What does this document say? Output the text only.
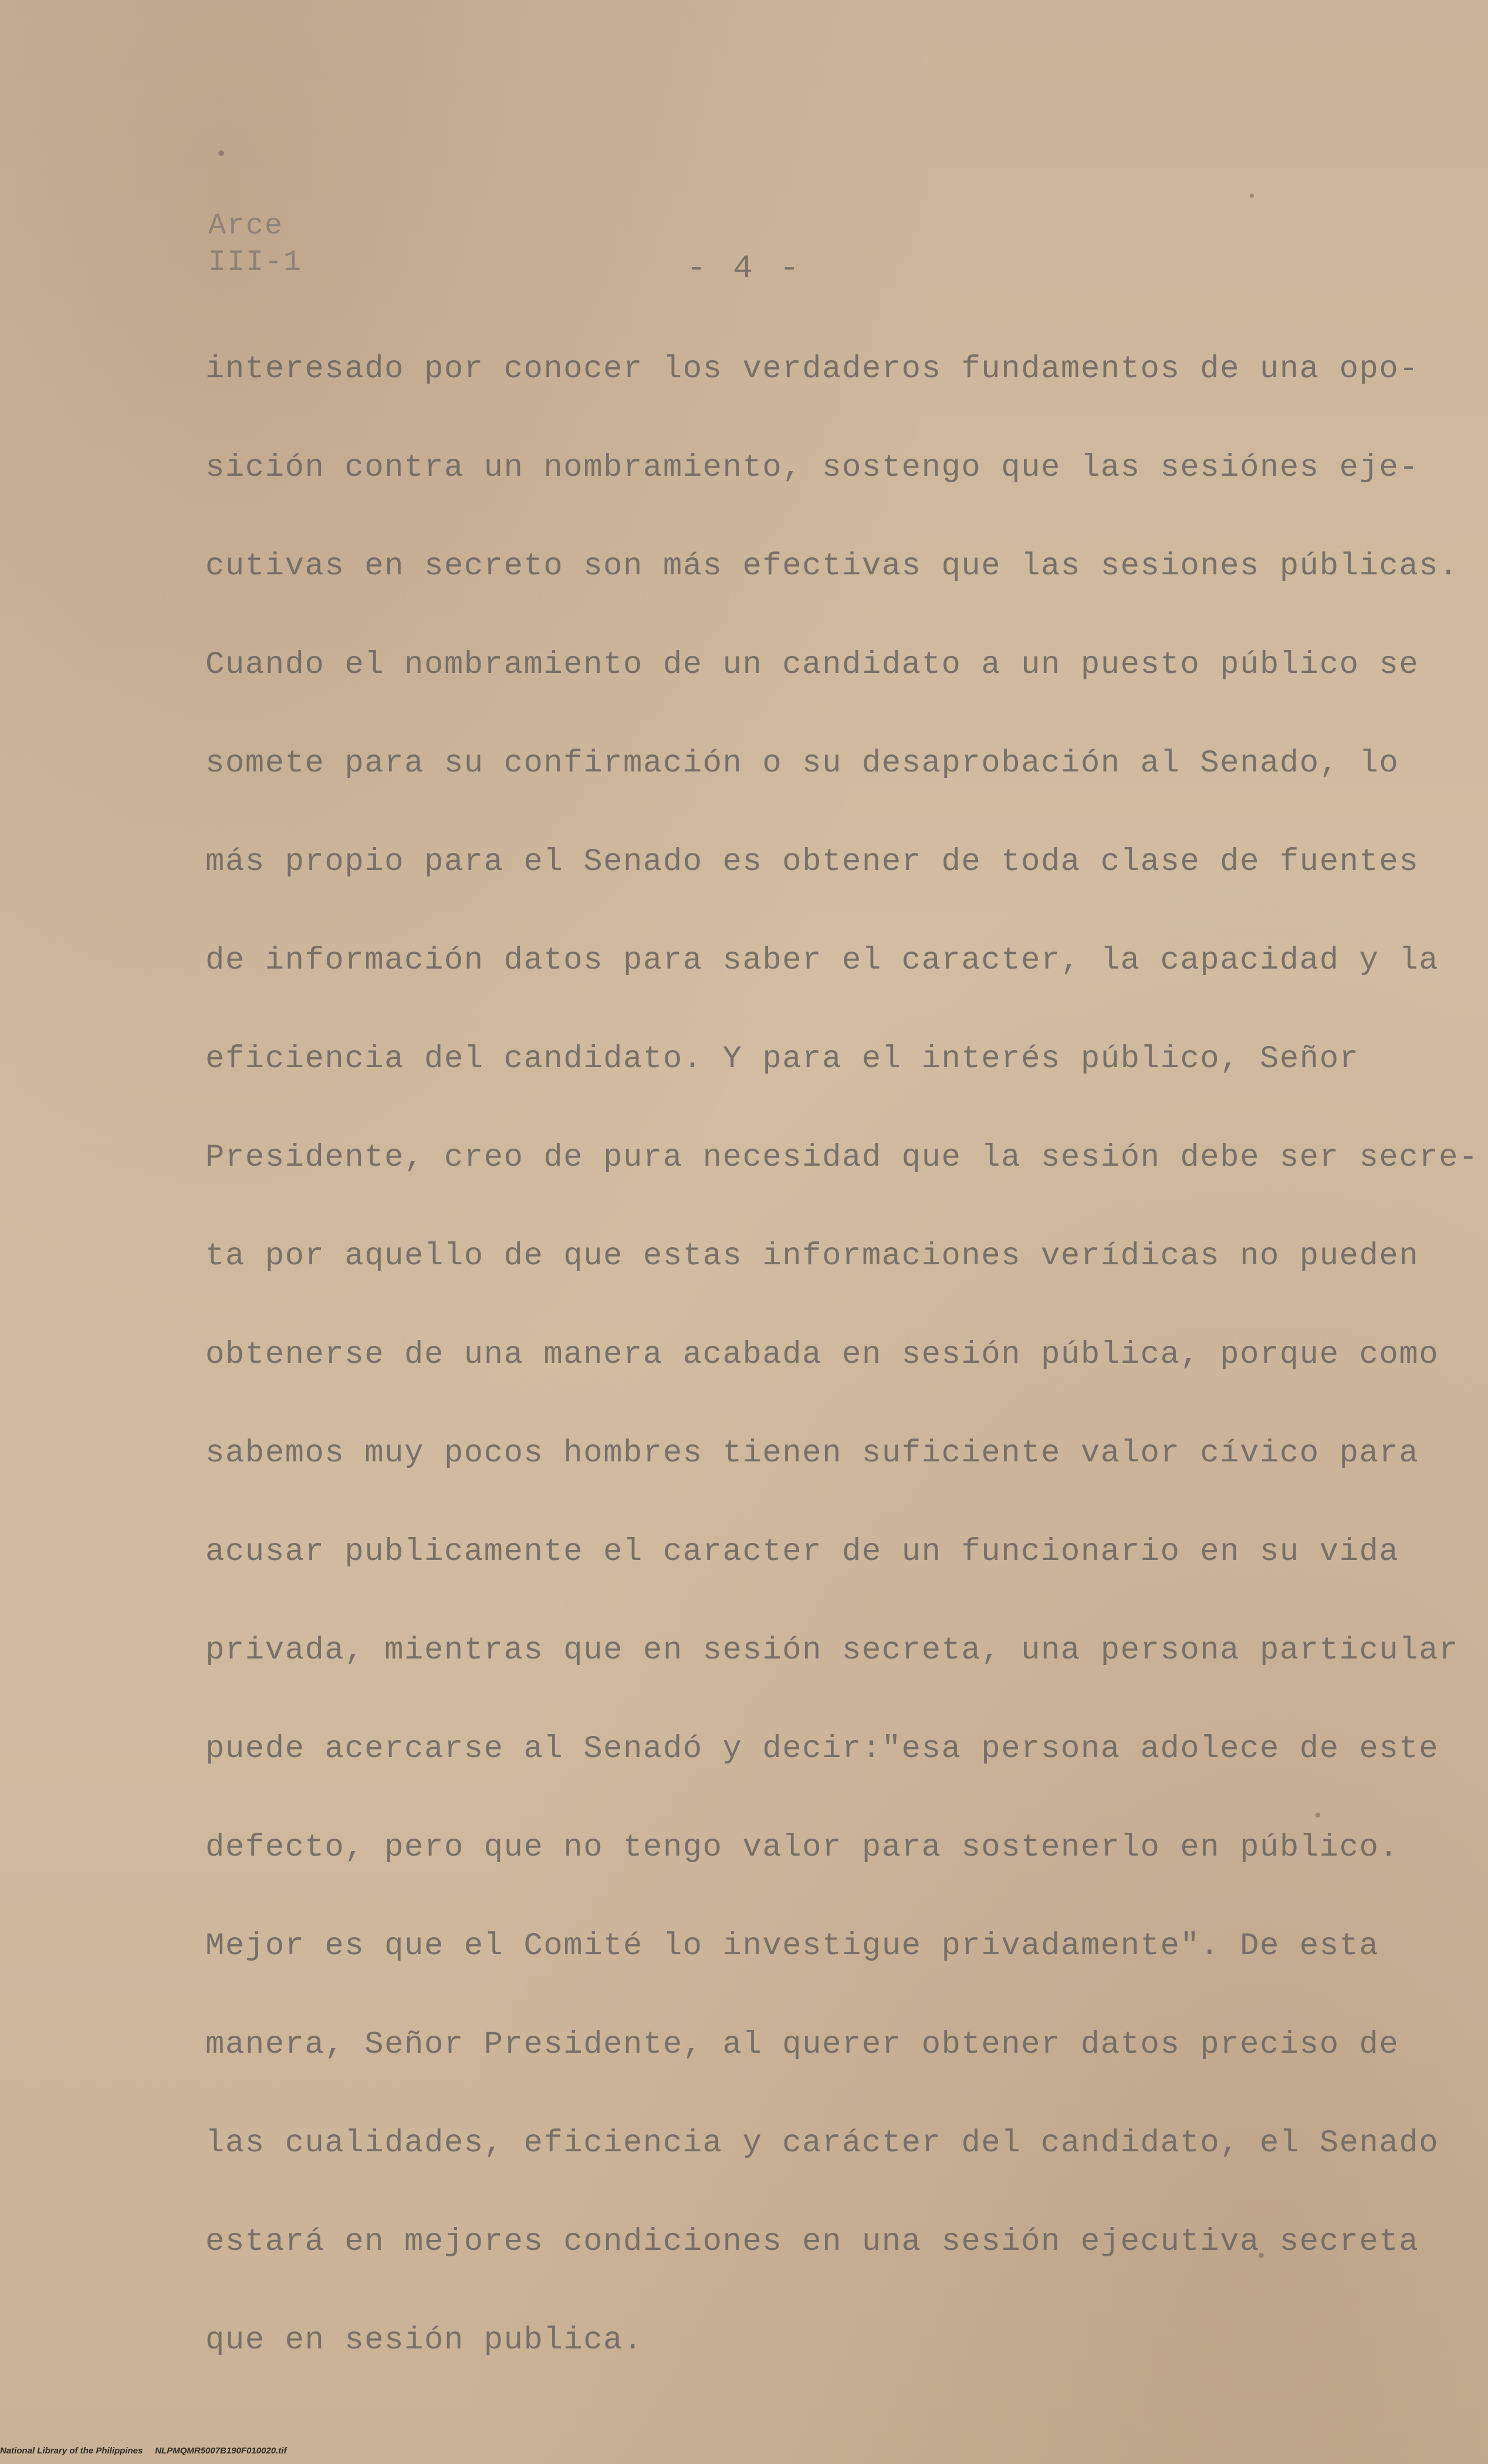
Arce
III-1	- 4 -
interesado por conocer los verdaderos fundamentos de una opo-
sición contra un nombramiento, sostengo que las sesiónes eje-
cutivas en secreto son más efectivas que las sesiones públicas.
Cuando el nombramiento de un candidato a un puesto público se
somete para su confirmación o su desaprobación al Senado, lo
más propio para el Senado es obtener de toda clase de fuentes
de información datos para saber el caracter, la capacidad y la
eficiencia del candidato. Y para el interés público, Señor
Presidente, creo de pura necesidad que la sesión debe ser secre-
ta por aquello de que estas informaciones verídicas no pueden
obtenerse de una manera acabada en sesión pública, porque como
sabemos muy pocos hombres tienen suficiente valor cívico para
acusar publicamente el caracter de un funcionario en su vida
privada, mientras que en sesión secreta, una persona particular
puede acercarse al Senadó y decir:"esa persona adolece de este
defecto, pero que no tengo valor para sostenerlo en público.
Mejor es que el Comité lo investigue privadamente". De esta
manera, Señor Presidente, al querer obtener datos preciso de
las cualidades, eficiencia y carácter del candidato, el Senado
estará en mejores condiciones en una sesión ejecutiva secreta
que en sesión publica.
National Library of the Philippines     NLPMQMR5007B190F010020.tif
